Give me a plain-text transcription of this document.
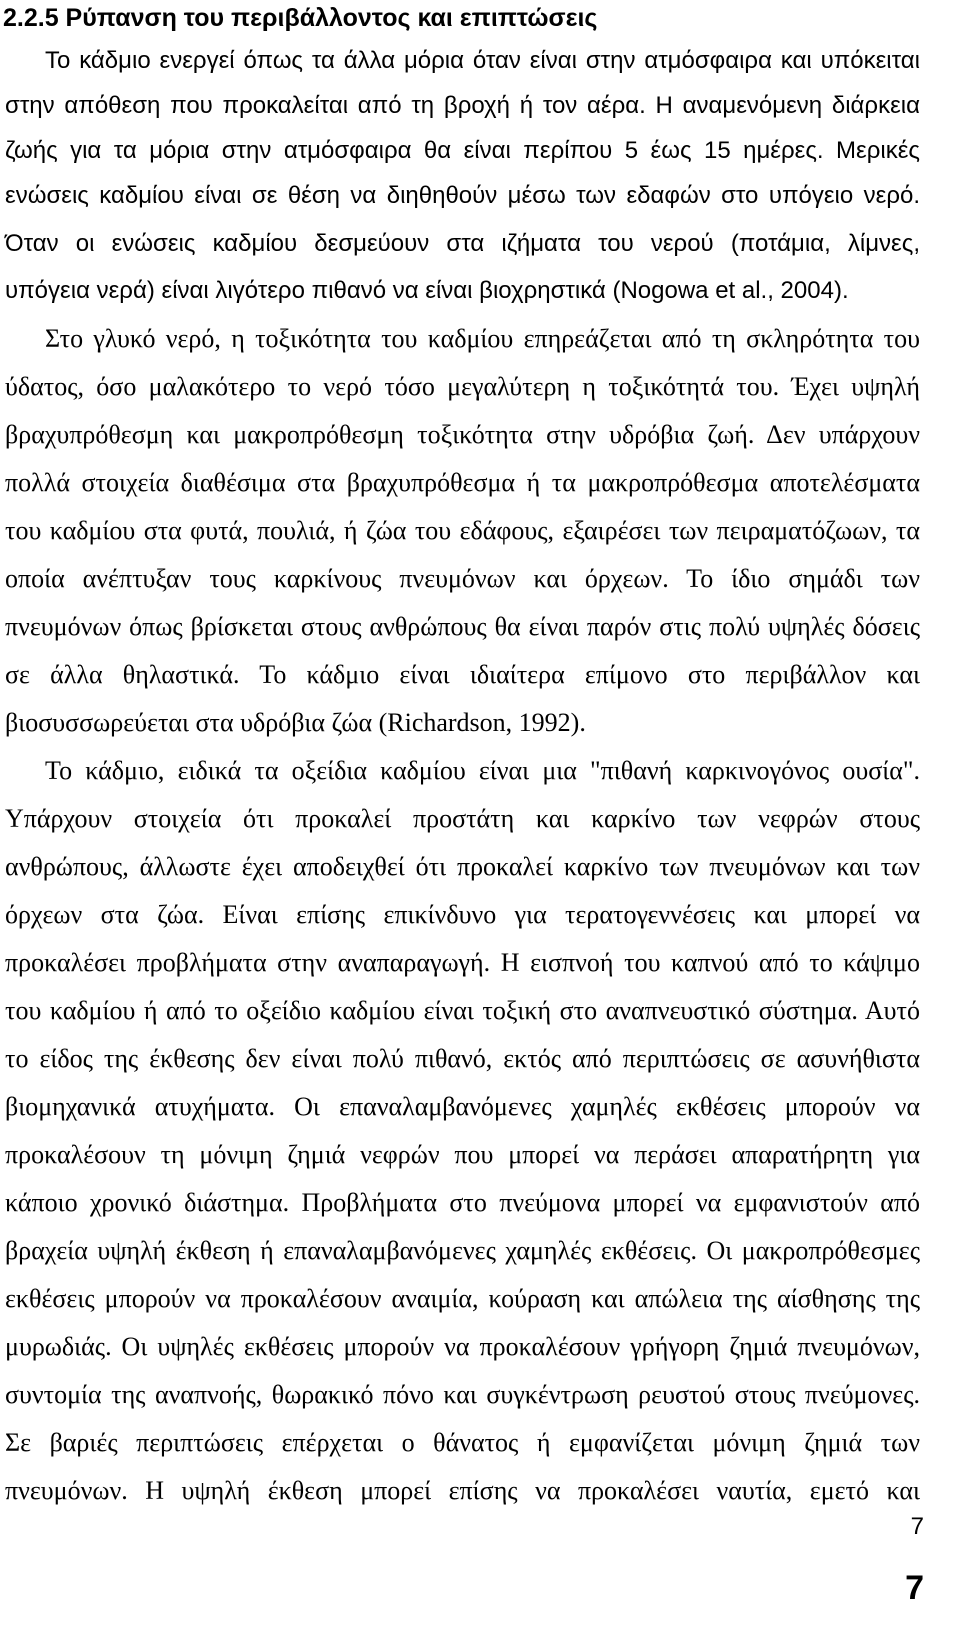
2.2.5 Ρύπανση του περιβάλλοντος και επιπτώσεις
Το κάδμιο ενεργεί όπως τα άλλα μόρια όταν είναι στην ατμόσφαιρα και υπόκειται
στην απόθεση που προκαλείται από τη βροχή ή τον αέρα. Η αναμενόμενη διάρκεια
ζωής για τα μόρια στην ατμόσφαιρα θα είναι περίπου 5 έως 15 ημέρες. Μερικές
ενώσεις καδμίου είναι σε θέση να διηθηθούν μέσω των εδαφών στο υπόγειο νερό.
Όταν οι ενώσεις καδμίου δεσμεύουν στα ιζήματα του νερού (ποτάμια, λίμνες,
υπόγεια νερά) είναι λιγότερο πιθανό να είναι βιοχρηστικά (Nogowa et al., 2004).
Στο γλυκό νερό, η τοξικότητα του καδμίου επηρεάζεται από τη σκληρότητα του
ύδατος, όσο μαλακότερο το νερό τόσο μεγαλύτερη η τοξικότητά του. Έχει υψηλή
βραχυπρόθεσμη και μακροπρόθεσμη τοξικότητα στην υδρόβια ζωή. Δεν υπάρχουν
πολλά στοιχεία διαθέσιμα στα βραχυπρόθεσμα ή τα μακροπρόθεσμα αποτελέσματα
του καδμίου στα φυτά, πουλιά, ή ζώα του εδάφους, εξαιρέσει των πειραματόζωων, τα
οποία ανέπτυξαν τους καρκίνους πνευμόνων και όρχεων. Το ίδιο σημάδι των
πνευμόνων όπως βρίσκεται στους ανθρώπους θα είναι παρόν στις πολύ υψηλές δόσεις
σε άλλα θηλαστικά. Το κάδμιο είναι ιδιαίτερα επίμονο στο περιβάλλον και
βιοσυσσωρεύεται στα υδρόβια ζώα (Richardson, 1992).
Το κάδμιο, ειδικά τα οξείδια καδμίου είναι μια "πιθανή καρκινογόνος ουσία".
Υπάρχουν στοιχεία ότι προκαλεί προστάτη και καρκίνο των νεφρών στους
ανθρώπους, άλλωστε έχει αποδειχθεί ότι προκαλεί καρκίνο των πνευμόνων και των
όρχεων στα ζώα. Είναι επίσης επικίνδυνο για τερατογεννέσεις και μπορεί να
προκαλέσει προβλήματα στην αναπαραγωγή. Η εισπνοή του καπνού από το κάψιμο
του καδμίου ή από το οξείδιο καδμίου είναι τοξική στο αναπνευστικό σύστημα. Αυτό
το είδος της έκθεσης δεν είναι πολύ πιθανό, εκτός από περιπτώσεις σε ασυνήθιστα
βιομηχανικά ατυχήματα. Οι επαναλαμβανόμενες χαμηλές εκθέσεις μπορούν να
προκαλέσουν τη μόνιμη ζημιά νεφρών που μπορεί να περάσει απαρατήρητη για
κάποιο χρονικό διάστημα. Προβλήματα στο πνεύμονα μπορεί να εμφανιστούν από
βραχεία υψηλή έκθεση ή επαναλαμβανόμενες χαμηλές εκθέσεις. Οι μακροπρόθεσμες
εκθέσεις μπορούν να προκαλέσουν αναιμία, κούραση και απώλεια της αίσθησης της
μυρωδιάς. Οι υψηλές εκθέσεις μπορούν να προκαλέσουν γρήγορη ζημιά πνευμόνων,
συντομία της αναπνοής, θωρακικό πόνο και συγκέντρωση ρευστού στους πνεύμονες.
Σε βαριές περιπτώσεις επέρχεται ο θάνατος ή εμφανίζεται μόνιμη ζημιά των
πνευμόνων. Η υψηλή έκθεση μπορεί επίσης να προκαλέσει ναυτία, εμετό και
7
7
